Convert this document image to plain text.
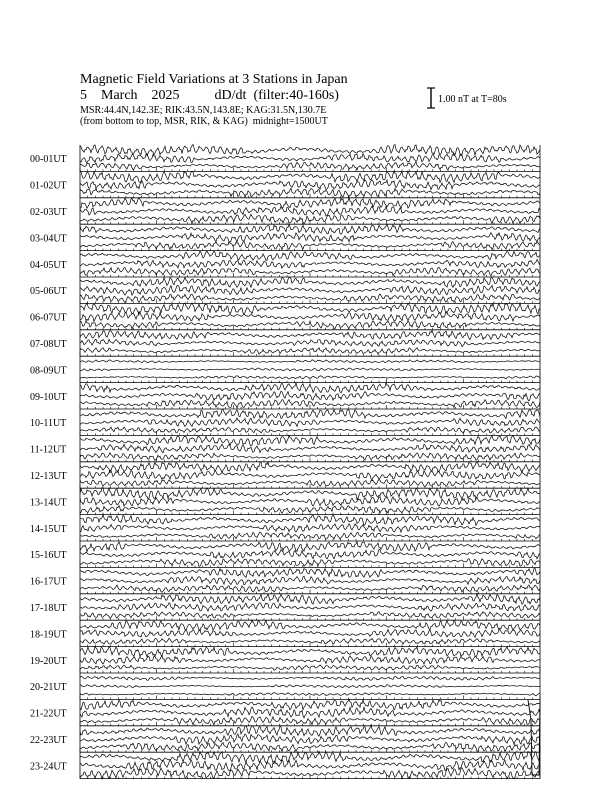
Magnetic Field Variations at 3 Stations in Japan
5 March 2025	dD/dt (filter:40-160s)
MSR:44.4N,142.3E; RIK:43.5N,143.8E; KAG:31.5N,130.7E
(from bottom to top, MSR, RIK, & KAG)  midnight=1500UT
1.00 nT at T=80s
00-01UT
01-02UT
02-03UT
03-04UT
04-05UT
05-06UT
06-07UT
07-08UT
08-09UT
09-10UT
10-11UT
11-12UT
12-13UT
13-14UT
14-15UT
15-16UT
16-17UT
17-18UT
18-19UT
19-20UT
20-21UT
21-22UT
22-23UT
23-24UT
